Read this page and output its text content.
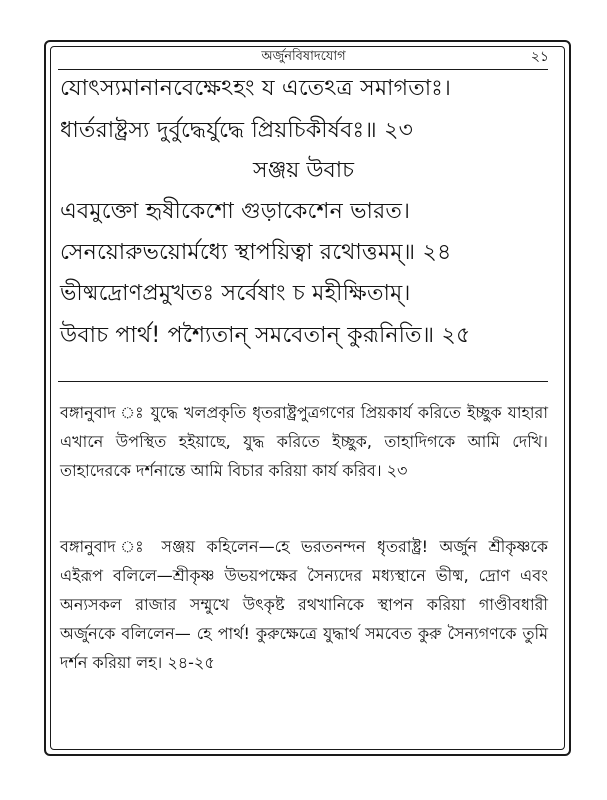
অর্জুনবিষাদযোগ	২১

যোৎস্যমানানবেক্ষেঽহং য এতেঽত্র সমাগতাঃ।

ধার্তরাষ্ট্রস্য দুর্বুদ্ধের্যুদ্ধে প্রিয়চিকীর্ষবঃ॥ ২৩

সঞ্জয় উবাচ

এবমুক্তো হৃষীকেশো গুড়াকেশেন ভারত।

সেনয়োরুভয়োর্মধ্যে স্থাপয়িত্বা রথোত্তমম্॥ ২৪

ভীষ্মদ্রোণপ্রমুখতঃ সর্বেষাং চ মহীক্ষিতাম্।

উবাচ পার্থ! পশ্যৈতান্ সমবেতান্ কুরূনিতি॥ ২৫

বঙ্গানুবাদ ঃ যুদ্ধে খলপ্রকৃতি ধৃতরাষ্ট্রপুত্রগণের প্রিয়কার্য করিতে ইচ্ছুক যাহারা এখানে উপস্থিত হইয়াছে, যুদ্ধ করিতে ইচ্ছুক, তাহাদিগকে আমি দেখি। তাহাদেরকে দর্শনান্তে আমি বিচার করিয়া কার্য করিব। ২৩

বঙ্গানুবাদ ঃ সঞ্জয় কহিলেন—হে ভরতনন্দন ধৃতরাষ্ট্র! অর্জুন শ্রীকৃষ্ণকে এইরূপ বলিলে—শ্রীকৃষ্ণ উভয়পক্ষের সৈন্যদের মধ্যস্থানে ভীষ্ম, দ্রোণ এবং অন্যসকল রাজার সম্মুখে উৎকৃষ্ট রথখানিকে স্থাপন করিয়া গাণ্ডীবধারী অর্জুনকে বলিলেন— হে পার্থ! কুরুক্ষেত্রে যুদ্ধার্থ সমবেত কুরু সৈন্যগণকে তুমি দর্শন করিয়া লহ। ২৪-২৫
